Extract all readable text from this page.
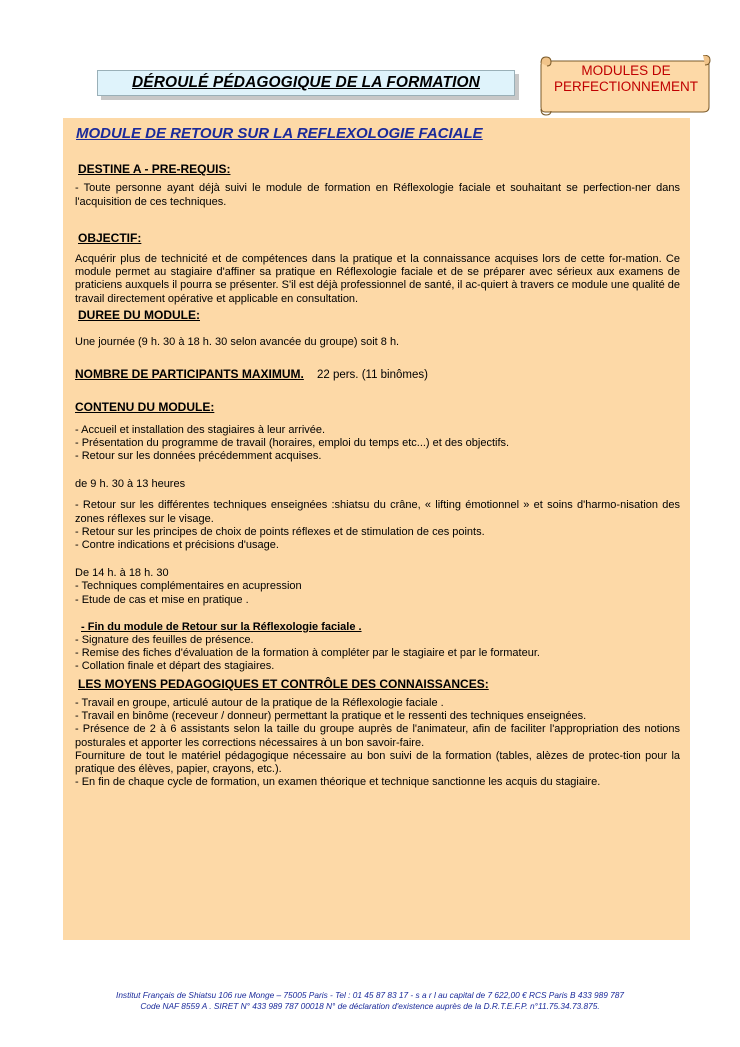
DÉROULÉ PÉDAGOGIQUE DE LA FORMATION
MODULES DE
PERFECTIONNEMENT

MODULE DE RETOUR SUR LA REFLEXOLOGIE FACIALE

DESTINE A - PRE-REQUIS:

- Toute personne ayant déjà suivi le module de formation en Réflexologie faciale et souhaitant se perfection-ner dans l'acquisition de ces techniques.

OBJECTIF:

Acquérir plus de technicité et de compétences dans la pratique et la connaissance acquises lors de cette for-mation. Ce module permet au stagiaire d'affiner sa pratique en Réflexologie faciale et de se préparer avec sérieux aux examens de praticiens auxquels il pourra se présenter. S'il est déjà professionnel de santé, il ac-quiert à travers ce module une qualité de travail directement opérative et applicable en consultation.

DUREE DU MODULE:

Une journée (9 h. 30 à 18 h. 30 selon avancée du groupe) soit 8 h.

NOMBRE DE PARTICIPANTS MAXIMUM. 22 pers. (11 binômes)

CONTENU DU MODULE:

- Accueil et installation des stagiaires à leur arrivée.

- Présentation du programme de travail (horaires, emploi du temps etc...) et des objectifs.

- Retour sur les données précédemment acquises.

de 9 h. 30 à 13 heures

- Retour sur les différentes techniques enseignées :shiatsu du crâne, « lifting émotionnel » et soins d'harmo-nisation des zones réflexes sur le visage.

- Retour sur les principes de choix de points réflexes et de stimulation de ces points.

- Contre indications et précisions d'usage.

De 14 h. à 18 h. 30

- Techniques complémentaires en acupression

- Etude de cas et mise en pratique .

- Fin du module de Retour sur la Réflexologie faciale .

- Signature des feuilles de présence.

- Remise des fiches d'évaluation de la formation à compléter par le stagiaire et par le formateur.

- Collation finale et départ des stagiaires.

LES MOYENS PEDAGOGIQUES ET CONTRÔLE DES CONNAISSANCES:

- Travail en groupe, articulé autour de la pratique de la Réflexologie faciale .

- Travail en binôme (receveur / donneur) permettant la pratique et le ressenti des techniques enseignées.

- Présence de 2 à 6 assistants selon la taille du groupe auprès de l'animateur, afin de faciliter l'appropriation des notions posturales et apporter les corrections nécessaires à un bon savoir-faire.

Fourniture de tout le matériel pédagogique nécessaire au bon suivi de la formation (tables, alèzes de protec-tion pour la pratique des élèves, papier, crayons, etc.).

- En fin de chaque cycle de formation, un examen théorique et technique sanctionne les acquis du stagiaire.

Institut Français de Shiatsu 106 rue Monge – 75005 Paris - Tel : 01 45 87 83 17 - s a r l au capital de 7 622,00 € RCS Paris B 433 989 787
Code NAF 8559 A . SIRET N° 433 989 787 00018 N° de déclaration d'existence auprès de la D.R.T.E.F.P. n°11.75.34.73.875.
